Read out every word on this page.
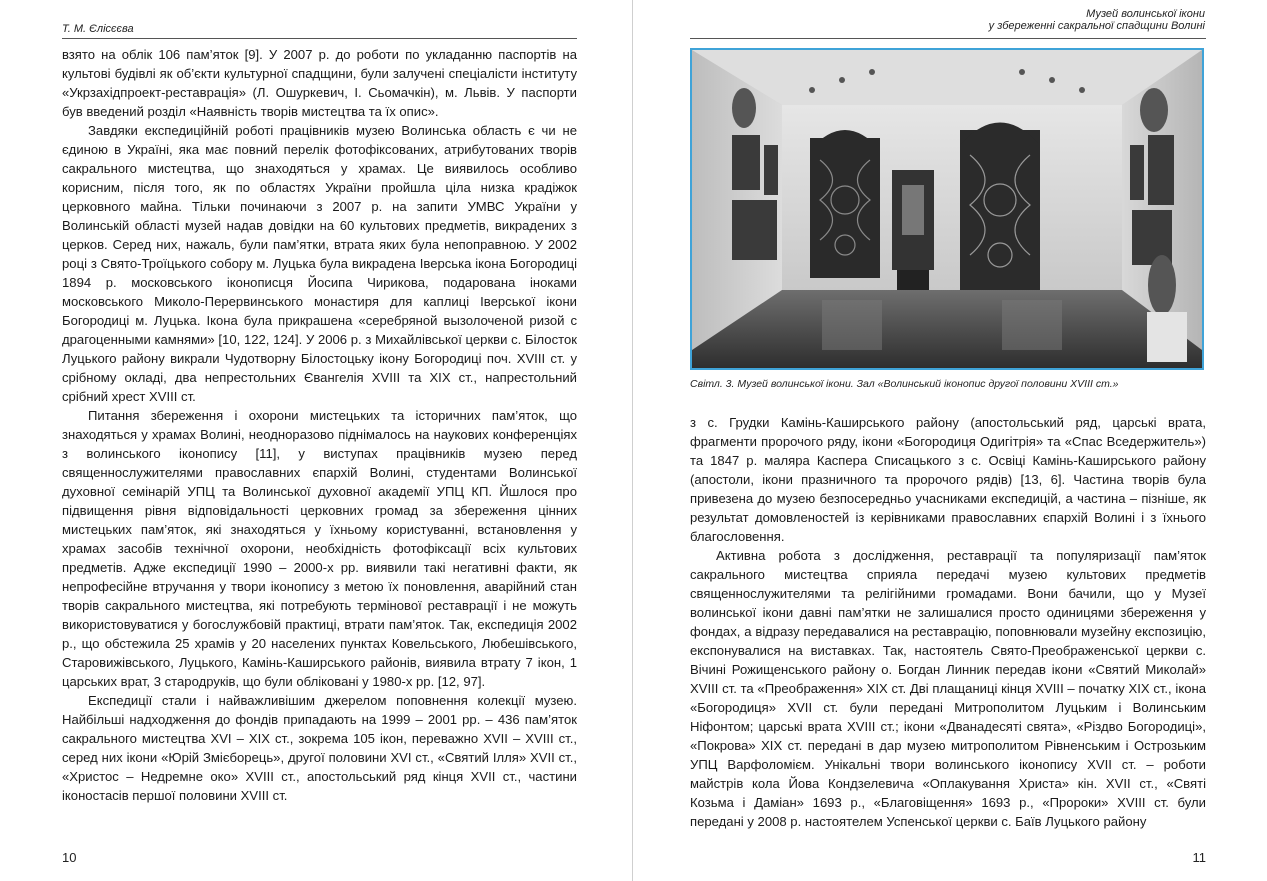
Т. М. Єлісєєва

взято на облік 106 пам’яток [9]. У 2007 р. до роботи по укладанню паспортів на культові будівлі як об’єкти культурної спадщини, були залучені спеціалісти інституту «Укрзахідпроект-реставрація» (Л. Ошуркевич, І. Сьомачкін), м. Львів. У паспорти був введений розділ «Наявність творів мистецтва та їх опис».

Завдяки експедиційній роботі працівників музею Волинська область є чи не єдиною в Україні, яка має повний перелік фотофіксованих, атрибутованих творів сакрального мистецтва, що знаходяться у храмах. Це виявилось особливо корисним, після того, як по областях України пройшла ціла низка крадіжок церковного майна. Тільки починаючи з 2007 р. на запити УМВС України у Волинській області музей надав довідки на 60 культових предметів, викрадених з церков. Серед них, нажаль, були пам’ятки, втрата яких була непоправною. У 2002 році з Свято-Троїцького собору м. Луцька була викрадена Іверська ікона Богородиці 1894 р. московського іконописця Йосипа Чирикова, подарована іноками московського Миколо-Перервинського монастиря для каплиці Іверської ікони Богородиці м. Луцька. Ікона була прикрашена «серебряной вызолоченой ризой с драгоценными камнями» [10, 122, 124]. У 2006 р. з Михайлівської церкви с. Білосток Луцького району викрали Чудотворну Білостоцьку ікону Богородиці поч. XVIII ст. у срібному окладі, два непрестольних Євангелія XVIII та XIX ст., напрестольний срібний хрест XVIII ст.

Питання збереження і охорони мистецьких та історичних пам’яток, що знаходяться у храмах Волині, неодноразово піднімалось на наукових конференціях з волинського іконопису [11], у виступах працівників музею перед священнослужителями православних єпархій Волині, студентами Волинської духовної семінарій УПЦ та Волинської духовної академії УПЦ КП. Йшлося про підвищення рівня відповідальності церковних громад за збереження цінних мистецьких пам’яток, які знаходяться у їхньому користуванні, встановлення у храмах засобів технічної охорони, необхідність фотофіксації всіх культових предметів. Адже експедиції 1990 – 2000-х рр. виявили такі негативні факти, як непрофесійне втручання у твори іконопису з метою їх поновлення, аварійний стан творів сакрального мистецтва, які потребують термінової реставрації і не можуть використовуватися у богослужбовій практиці, втрати пам’яток. Так, експедиція 2002 р., що обстежила 25 храмів у 20 населених пунктах Ковельського, Любешівського, Старовижівського, Луцького, Камінь-Каширського районів, виявила втрату 7 ікон, 1 царських врат, 3 стародруків, що були обліковані у 1980-х рр. [12, 97].

Експедиції стали і найважливішим джерелом поповнення колекції музею. Найбільші надходження до фондів припадають на 1999 – 2001 рр. – 436 пам’яток сакрального мистецтва XVI – XIX ст., зокрема 105 ікон, переважно XVII – XVIII ст., серед них ікони «Юрій Змієборець», другої половини XVI ст., «Святий Ілля» XVII ст., «Христос – Недремне око» XVIII ст., апостольський ряд кінця XVII ст., частини іконостасів першої половини XVIII ст.

10
Музей волинської ікони
у збереженні сакральної спадщини Волині
Світл. 3. Музей волинської ікони. Зал «Волинський іконопис другої половини XVIII ст.»

з с. Грудки Камінь-Каширського району (апостольський ряд, царські врата, фрагменти пророчого ряду, ікони «Богородиця Одигітрія» та «Спас Вседержитель») та 1847 р. маляра Каспера Списацького з с. Освіці Камінь-Каширського району (апостоли, ікони празничного та пророчого рядів) [13, 6]. Частина творів була привезена до музею безпосередньо учасниками експедицій, а частина – пізніше, як результат домовленостей із керівниками православних єпархій Волині і з їхнього благословення.

Активна робота з дослідження, реставрації та популяризації пам’яток сакрального мистецтва сприяла передачі музею культових предметів священнослужителями та релігійними громадами. Вони бачили, що у Музеї волинської ікони давні пам’ятки не залишалися просто одиницями збереження у фондах, а відразу передавалися на реставрацію, поповнювали музейну експозицію, експонувалися на виставках. Так, настоятель Свято-Преображенської церкви с. Вічині Рожищенського району о. Богдан Линник передав ікони «Святий Миколай» XVIII ст. та «Преображення» XIX ст. Дві плащаниці кінця XVIII – початку XIX ст., ікона «Богородиця» XVII ст. були передані Митрополитом Луцьким і Волинським Ніфонтом; царські врата XVIII ст.; ікони «Дванадесяті свята», «Різдво Богородиці», «Покрова» XIX ст. передані в дар музею митрополитом Рівненським і Острозьким УПЦ Варфоломієм. Унікальні твори волинського іконопису XVII ст. – роботи майстрів кола Йова Кондзелевича «Оплакування Христа» кін. XVII ст., «Святі Козьма і Даміан» 1693 р., «Благовіщення» 1693 р., «Пророки» XVIII ст. були передані у 2008 р. настоятелем Успенської церкви с. Баїв Луцького району

11
